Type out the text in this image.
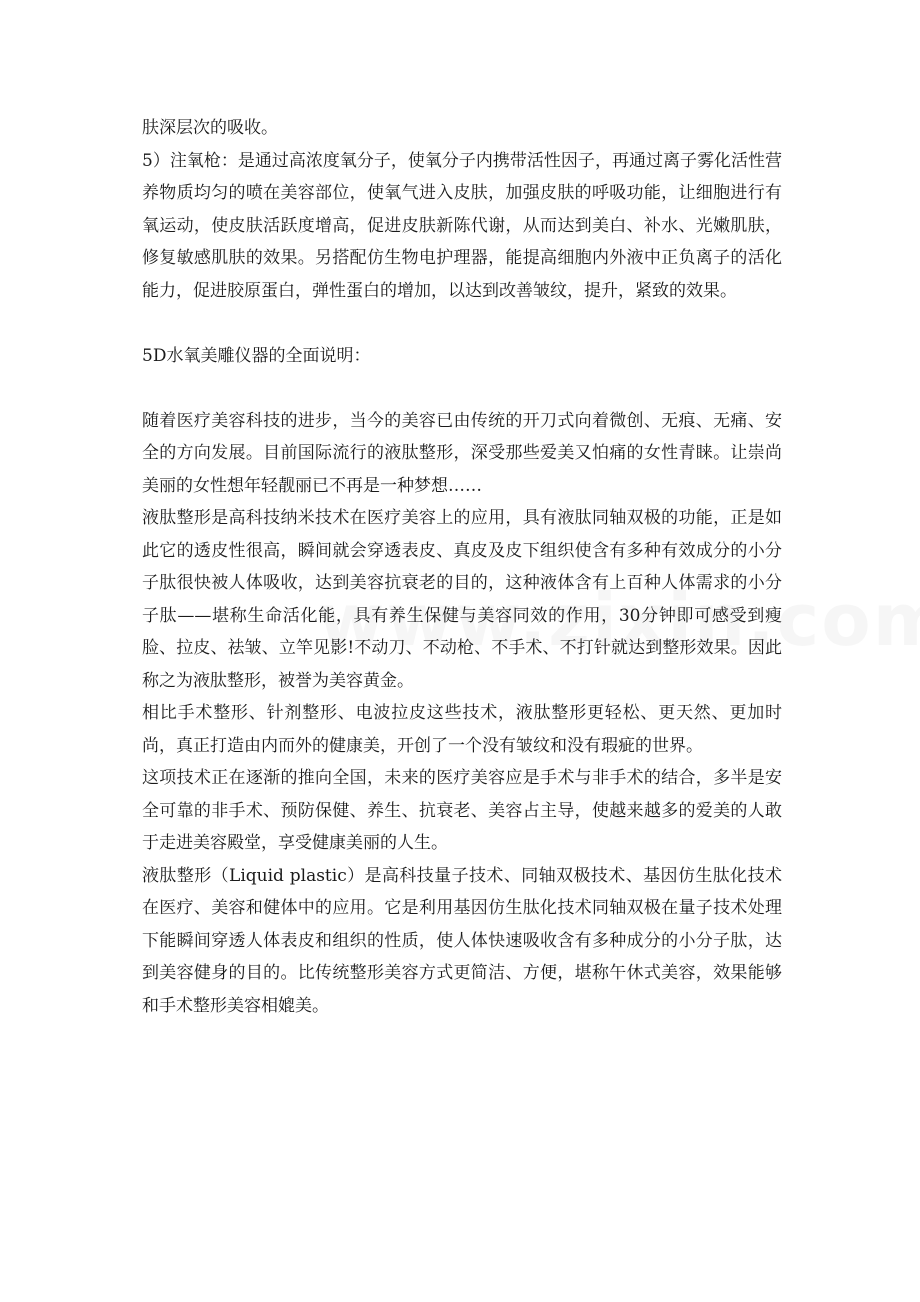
肤深层次的吸收。

5）注氧枪：是通过高浓度氧分子，使氧分子内携带活性因子，再通过离子雾化活性营养物质均匀的喷在美容部位，使氧气进入皮肤，加强皮肤的呼吸功能，让细胞进行有氧运动，使皮肤活跃度增高，促进皮肤新陈代谢，从而达到美白、补水、光嫩肌肤，修复敏感肌肤的效果。另搭配仿生物电护理器，能提高细胞内外液中正负离子的活化能力，促进胶原蛋白，弹性蛋白的增加，以达到改善皱纹，提升，紧致的效果。

5D水氧美雕仪器的全面说明：

随着医疗美容科技的进步，当今的美容已由传统的开刀式向着微创、无痕、无痛、安全的方向发展。目前国际流行的液肽整形，深受那些爱美又怕痛的女性青睐。让崇尚美丽的女性想年轻靓丽已不再是一种梦想……

液肽整形是高科技纳米技术在医疗美容上的应用，具有液肽同轴双极的功能，正是如此它的透皮性很高，瞬间就会穿透表皮、真皮及皮下组织使含有多种有效成分的小分子肽很快被人体吸收，达到美容抗衰老的目的，这种液体含有上百种人体需求的小分子肽——堪称生命活化能，具有养生保健与美容同效的作用，30分钟即可感受到瘦脸、拉皮、祛皱、立竿见影!不动刀、不动枪、不手术、不打针就达到整形效果。因此称之为液肽整形，被誉为美容黄金。

相比手术整形、针剂整形、电波拉皮这些技术，液肽整形更轻松、更天然、更加时尚，真正打造由内而外的健康美，开创了一个没有皱纹和没有瑕疵的世界。

这项技术正在逐渐的推向全国，未来的医疗美容应是手术与非手术的结合，多半是安全可靠的非手术、预防保健、养生、抗衰老、美容占主导，使越来越多的爱美的人敢于走进美容殿堂，享受健康美丽的人生。

液肽整形（Liquid plastic）是高科技量子技术、同轴双极技术、基因仿生肽化技术在医疗、美容和健体中的应用。它是利用基因仿生肽化技术同轴双极在量子技术处理下能瞬间穿透人体表皮和组织的性质，使人体快速吸收含有多种成分的小分子肽，达到美容健身的目的。比传统整形美容方式更简洁、方便，堪称午休式美容，效果能够和手术整形美容相媲美。
